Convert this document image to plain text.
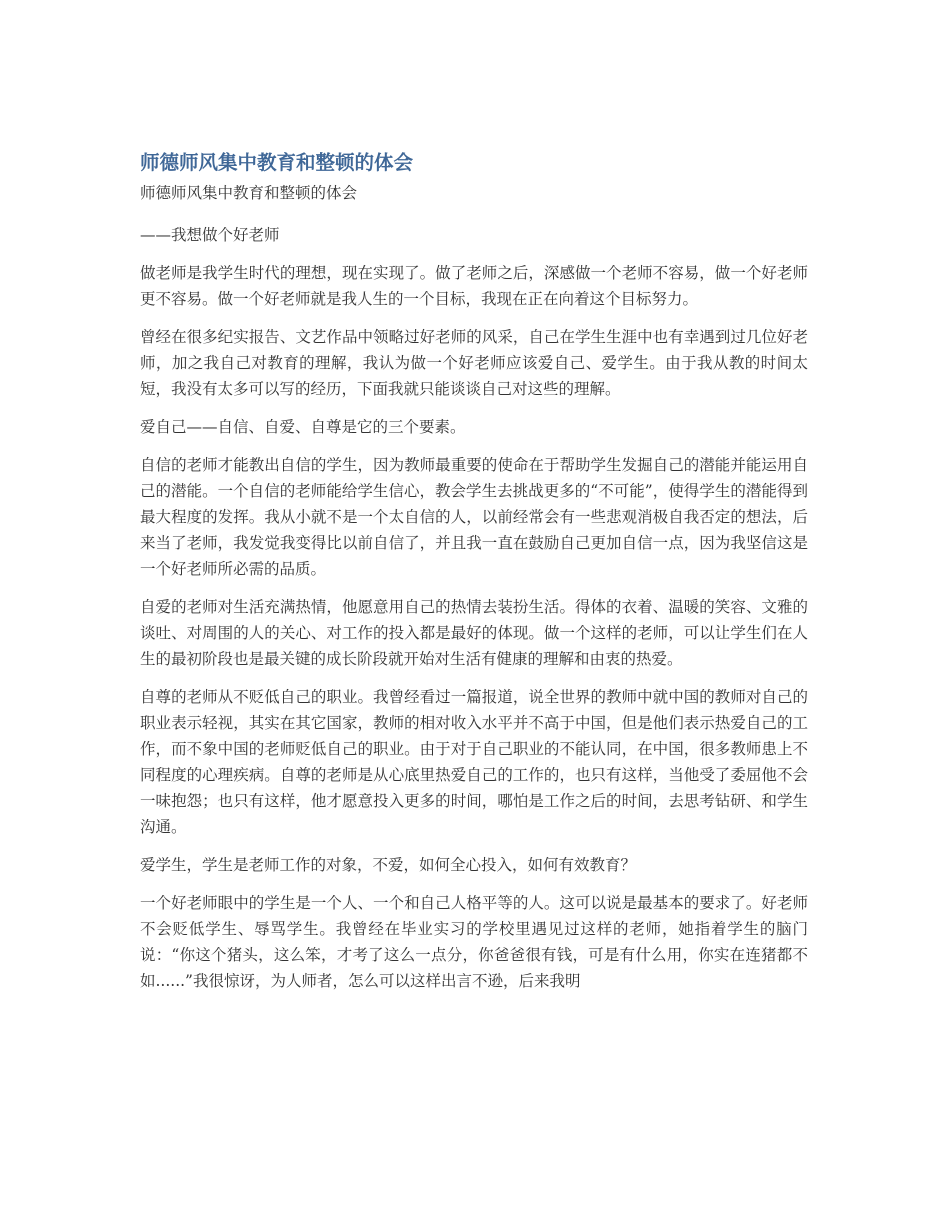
师德师风集中教育和整顿的体会
师德师风集中教育和整顿的体会

——我想做个好老师

做老师是我学生时代的理想，现在实现了。做了老师之后，深感做一个老师不容易，做一个好老师更不容易。做一个好老师就是我人生的一个目标，我现在正在向着这个目标努力。

曾经在很多纪实报告、文艺作品中领略过好老师的风采，自己在学生生涯中也有幸遇到过几位好老师，加之我自己对教育的理解，我认为做一个好老师应该爱自己、爱学生。由于我从教的时间太短，我没有太多可以写的经历，下面我就只能谈谈自己对这些的理解。

爱自己——自信、自爱、自尊是它的三个要素。

自信的老师才能教出自信的学生，因为教师最重要的使命在于帮助学生发掘自己的潜能并能运用自己的潜能。一个自信的老师能给学生信心，教会学生去挑战更多的“不可能”，使得学生的潜能得到最大程度的发挥。我从小就不是一个太自信的人，以前经常会有一些悲观消极自我否定的想法，后来当了老师，我发觉我变得比以前自信了，并且我一直在鼓励自己更加自信一点，因为我坚信这是一个好老师所必需的品质。

自爱的老师对生活充满热情，他愿意用自己的热情去装扮生活。得体的衣着、温暖的笑容、文雅的谈吐、对周围的人的关心、对工作的投入都是最好的体现。做一个这样的老师，可以让学生们在人生的最初阶段也是最关键的成长阶段就开始对生活有健康的理解和由衷的热爱。

自尊的老师从不贬低自己的职业。我曾经看过一篇报道，说全世界的教师中就中国的教师对自己的职业表示轻视，其实在其它国家，教师的相对收入水平并不高于中国，但是他们表示热爱自己的工作，而不象中国的老师贬低自己的职业。由于对于自己职业的不能认同，在中国，很多教师患上不同程度的心理疾病。自尊的老师是从心底里热爱自己的工作的，也只有这样，当他受了委屈他不会一味抱怨；也只有这样，他才愿意投入更多的时间，哪怕是工作之后的时间，去思考钻研、和学生沟通。

爱学生，学生是老师工作的对象，不爱，如何全心投入，如何有效教育？

一个好老师眼中的学生是一个人、一个和自己人格平等的人。这可以说是最基本的要求了。好老师不会贬低学生、辱骂学生。我曾经在毕业实习的学校里遇见过这样的老师，她指着学生的脑门说：“你这个猪头，这么笨，才考了这么一点分，你爸爸很有钱，可是有什么用，你实在连猪都不如......”我很惊讶，为人师者，怎么可以这样出言不逊，后来我明
